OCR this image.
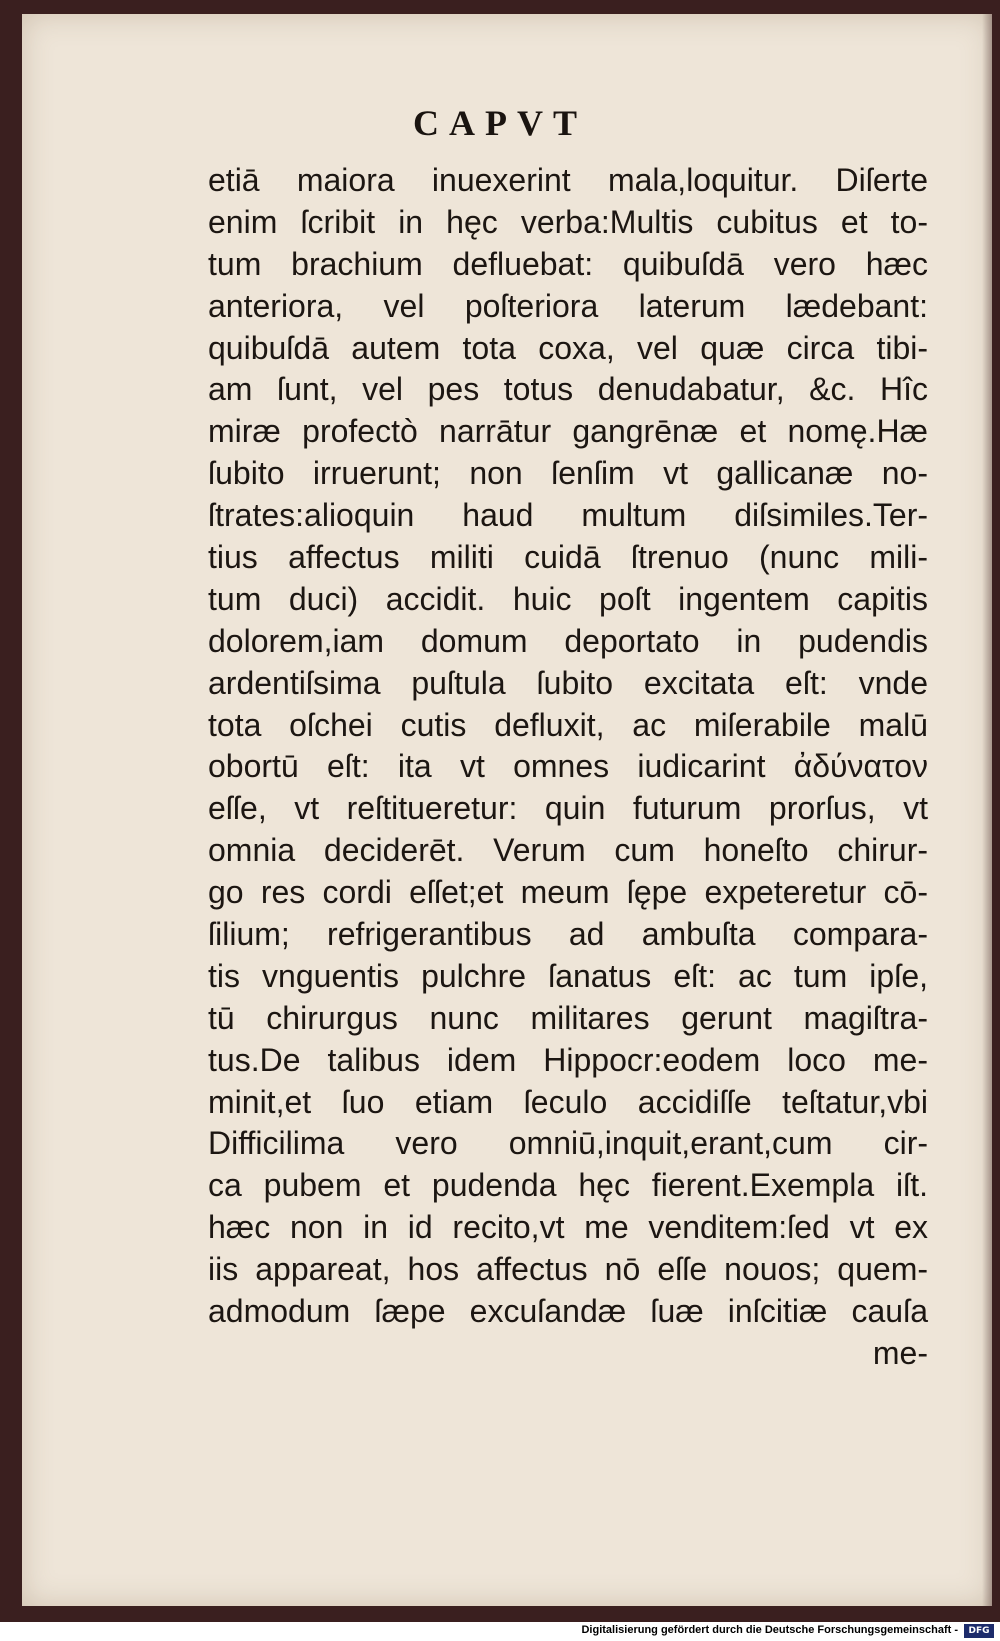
CAPVT
etiā maiora inuexerint mala,loquitur. Diſerte
enim ſcribit in hęc verba:Multis cubitus et to-
tum brachium defluebat: quibuſdā vero hæc
anteriora, vel poſteriora laterum lædebant:
quibuſdā autem tota coxa, vel quæ circa tibi-
am ſunt, vel pes totus denudabatur, &c. Hîc
miræ profectò narrātur gangrēnæ et nomę.Hæ
ſubito irruerunt; non ſenſim vt gallicanæ no-
ſtrates:alioquin haud multum diſsimiles.Ter-
tius affectus militi cuidā ſtrenuo (nunc mili-
tum duci) accidit. huic poſt ingentem capitis
dolorem,iam domum deportato in pudendis
ardentiſsima puſtula ſubito excitata eſt: vnde
tota oſchei cutis defluxit, ac miſerabile malū
obortū eſt: ita vt omnes iudicarint ἀδύνατον
eſſe, vt reſtitueretur: quin futurum prorſus, vt
omnia deciderēt. Verum cum honeſto chirur-
go res cordi eſſet;et meum ſępe expeteretur cō-
ſilium; refrigerantibus ad ambuſta compara-
tis vnguentis pulchre ſanatus eſt: ac tum ipſe,
tū chirurgus nunc militares gerunt magiſtra-
tus.De talibus idem Hippocr:eodem loco me-
minit,et ſuo etiam ſeculo accidiſſe teſtatur,vbi
Difficilima vero omniū,inquit,erant,cum cir-
ca pubem et pudenda hęc fierent.Exempla iſt.
hæc non in id recito,vt me venditem:ſed vt ex
iis appareat, hos affectus nō eſſe nouos; quem-
admodum ſæpe excuſandæ ſuæ inſcitiæ cauſa
me-
Digitalisierung gefördert durch die Deutsche Forschungsgemeinschaft -	DFG
